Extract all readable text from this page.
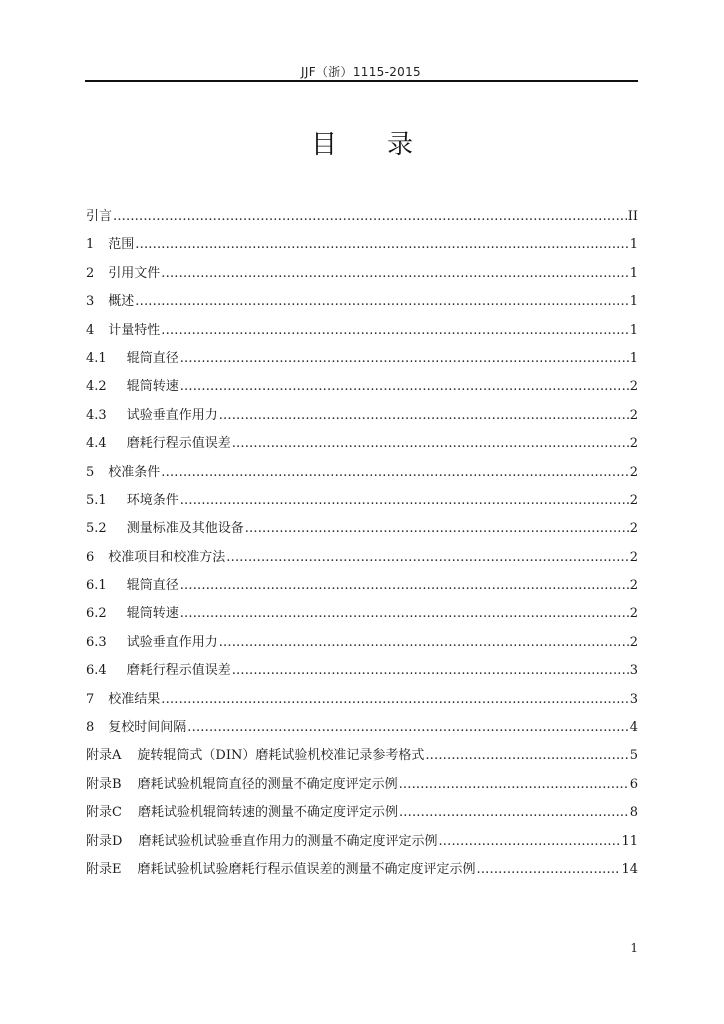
JJF（浙）1115-2015
目录
引言 .....	II
1 范围 .....	1
2 引用文件 .....	1
3 概述 .....	1
4 计量特性 .....	1
4.1 辊筒直径 .....	1
4.2 辊筒转速 .....	2
4.3 试验垂直作用力 .....	2
4.4 磨耗行程示值误差 .....	2
5 校准条件 .....	2
5.1 环境条件 .....	2
5.2 测量标准及其他设备 .....	2
6 校准项目和校准方法 .....	2
6.1 辊筒直径 .....	2
6.2 辊筒转速 .....	2
6.3 试验垂直作用力 .....	2
6.4 磨耗行程示值误差 .....	3
7 校准结果 .....	3
8 复校时间间隔 .....	4
附录A 旋转辊筒式（DIN）磨耗试验机校准记录参考格式 .....	5
附录B 磨耗试验机辊筒直径的测量不确定度评定示例 .....	6
附录C 磨耗试验机辊筒转速的测量不确定度评定示例 .....	8
附录D 磨耗试验机试验垂直作用力的测量不确定度评定示例 .....	11
附录E 磨耗试验机试验磨耗行程示值误差的测量不确定度评定示例 .....	14
1
